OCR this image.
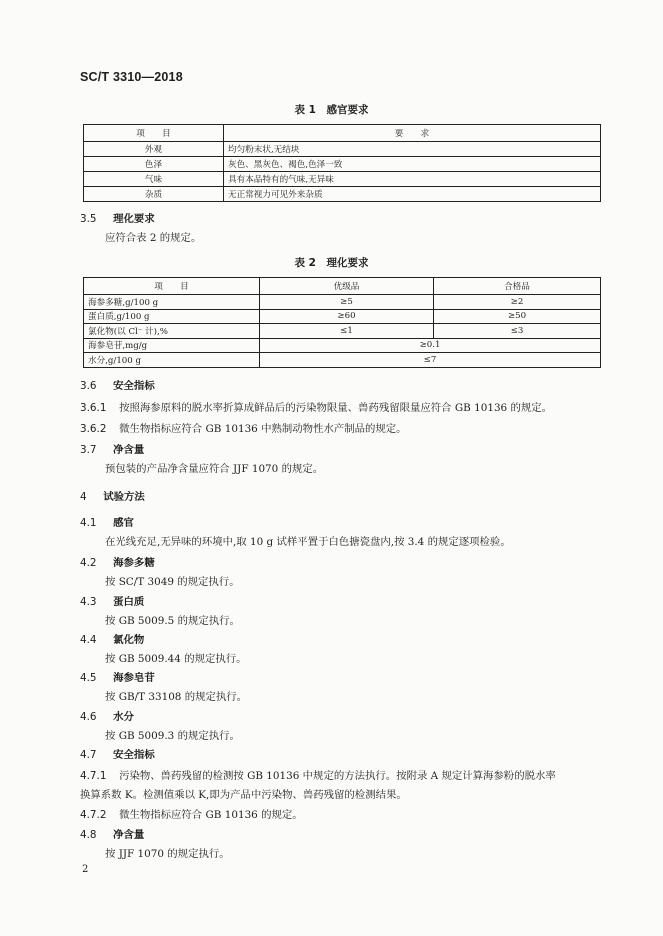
SC/T 3310—2018
表 1　感官要求
项　　目	要　　求
外观	均匀粉末状,无结块
色泽	灰色、黑灰色、褐色,色泽一致
气味	具有本品特有的气味,无异味
杂质	无正常视力可见外来杂质
3.5 理化要求
应符合表 2 的规定。
表 2　理化要求
项　　目	优级品	合格品
海参多糖,g/100 g	≥5	≥2
蛋白质,g/100 g	≥60	≥50
氯化物(以 Cl⁻ 计),%	≤1	≤3
海参皂苷,mg/g	≥0.1	
水分,g/100 g	≤7	
3.6 安全指标
3.6.1 按照海参原料的脱水率折算成鲜品后的污染物限量、兽药残留限量应符合 GB 10136 的规定。
3.6.2 微生物指标应符合 GB 10136 中熟制动物性水产制品的规定。
3.7 净含量
预包装的产品净含量应符合 JJF 1070 的规定。
4 试验方法
4.1 感官
在光线充足,无异味的环境中,取 10 g 试样平置于白色搪瓷盘内,按 3.4 的规定逐项检验。
4.2 海参多糖
按 SC/T 3049 的规定执行。
4.3 蛋白质
按 GB 5009.5 的规定执行。
4.4 氯化物
按 GB 5009.44 的规定执行。
4.5 海参皂苷
按 GB/T 33108 的规定执行。
4.6 水分
按 GB 5009.3 的规定执行。
4.7 安全指标
4.7.1 污染物、兽药残留的检测按 GB 10136 中规定的方法执行。按附录 A 规定计算海参粉的脱水率
换算系数 K。检测值乘以 K,即为产品中污染物、兽药残留的检测结果。
4.7.2 微生物指标应符合 GB 10136 的规定。
4.8 净含量
按 JJF 1070 的规定执行。
2
